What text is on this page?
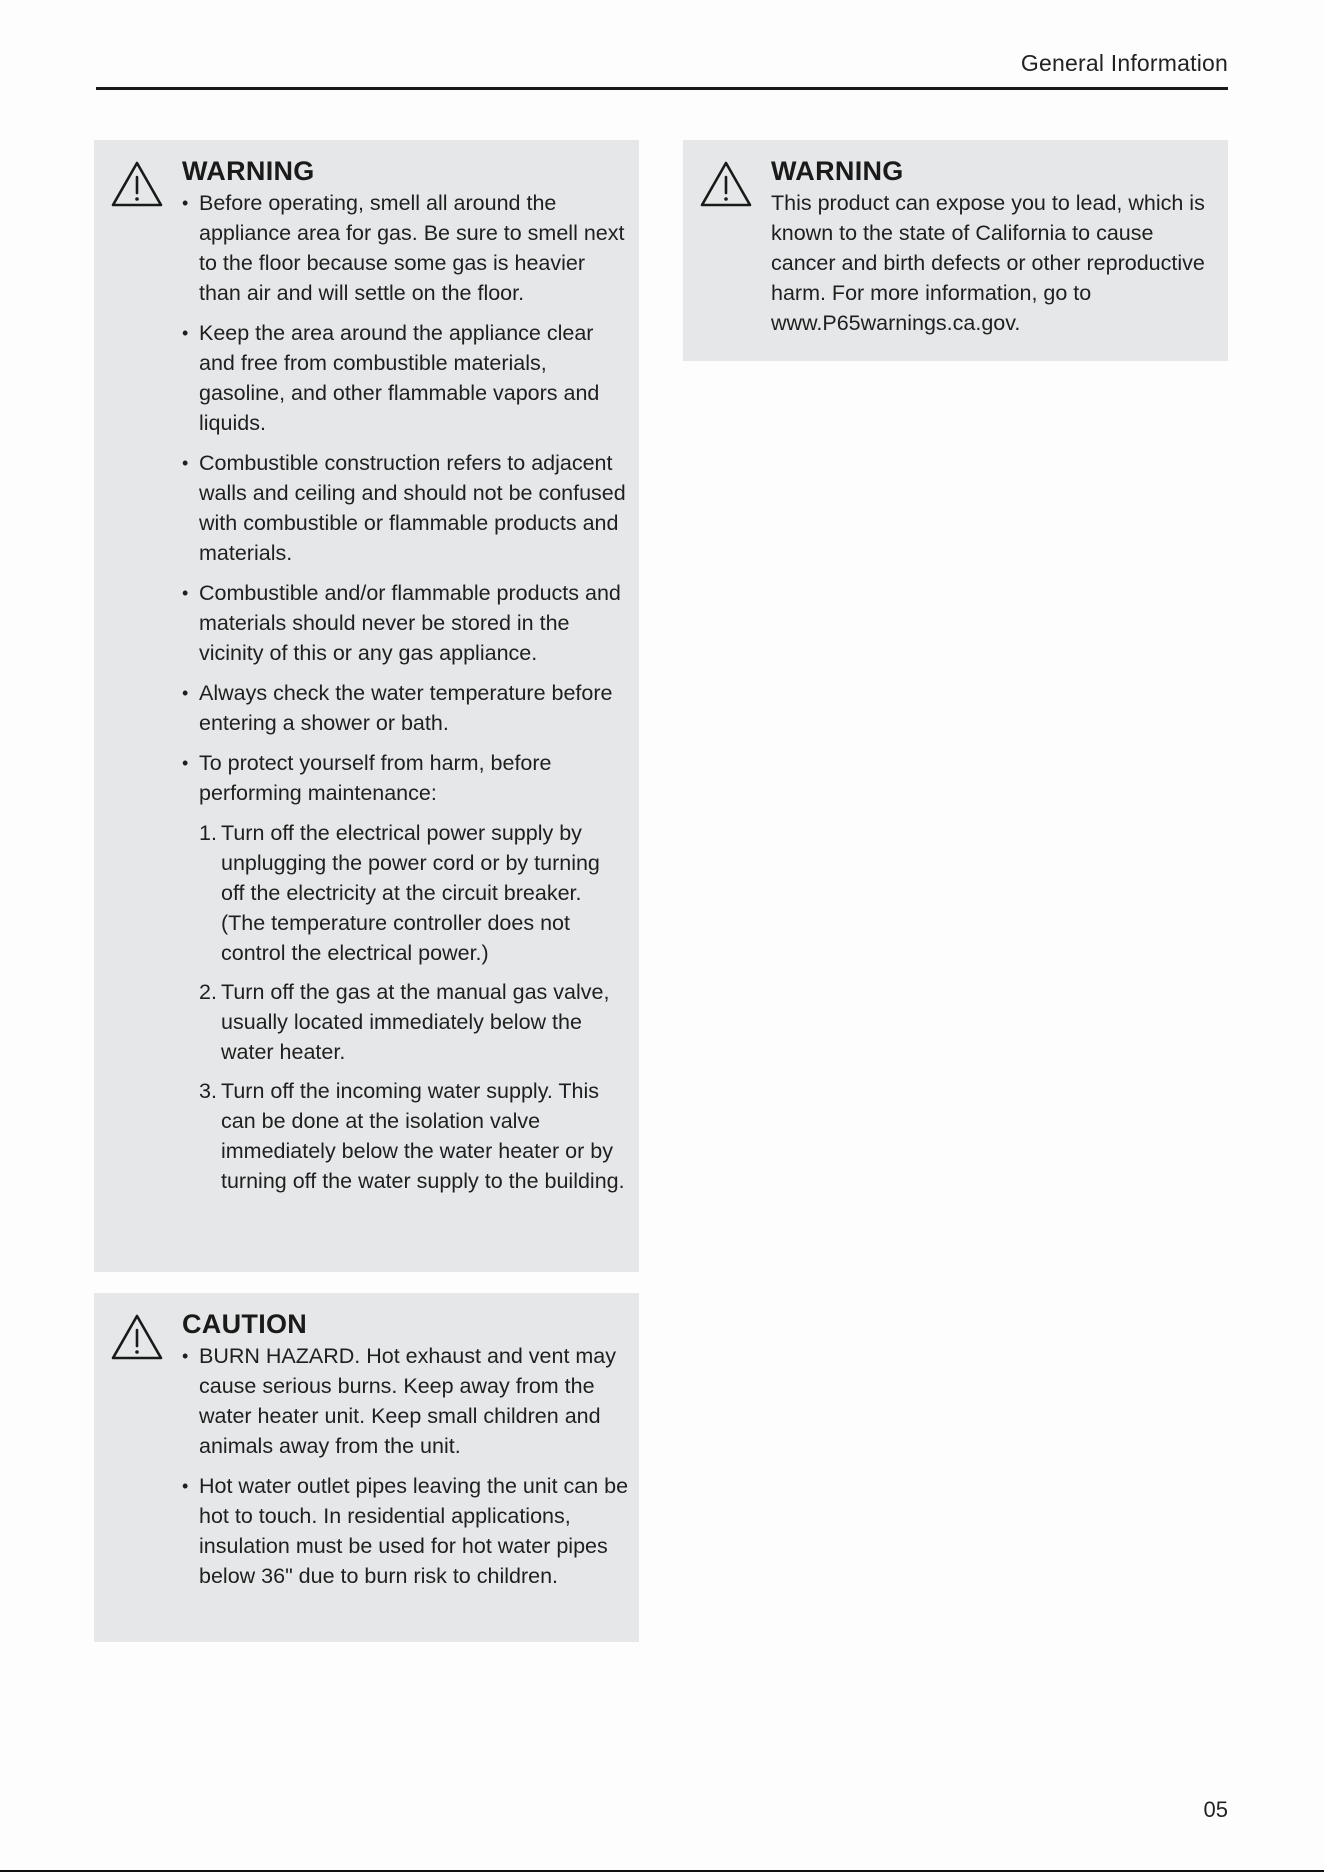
General Information
WARNING
• Before operating, smell all around the appliance area for gas. Be sure to smell next to the floor because some gas is heavier than air and will settle on the floor.
• Keep the area around the appliance clear and free from combustible materials, gasoline, and other flammable vapors and liquids.
• Combustible construction refers to adjacent walls and ceiling and should not be confused with combustible or flammable products and materials.
• Combustible and/or flammable products and materials should never be stored in the vicinity of this or any gas appliance.
• Always check the water temperature before entering a shower or bath.
• To protect yourself from harm, before performing maintenance:
1. Turn off the electrical power supply by unplugging the power cord or by turning off the electricity at the circuit breaker. (The temperature controller does not control the electrical power.)
2. Turn off the gas at the manual gas valve, usually located immediately below the water heater.
3. Turn off the incoming water supply. This can be done at the isolation valve immediately below the water heater or by turning off the water supply to the building.
WARNING
This product can expose you to lead, which is known to the state of California to cause cancer and birth defects or other reproductive harm. For more information, go to www.P65warnings.ca.gov.
CAUTION
• BURN HAZARD. Hot exhaust and vent may cause serious burns. Keep away from the water heater unit. Keep small children and animals away from the unit.
• Hot water outlet pipes leaving the unit can be hot to touch. In residential applications, insulation must be used for hot water pipes below 36" due to burn risk to children.
05
